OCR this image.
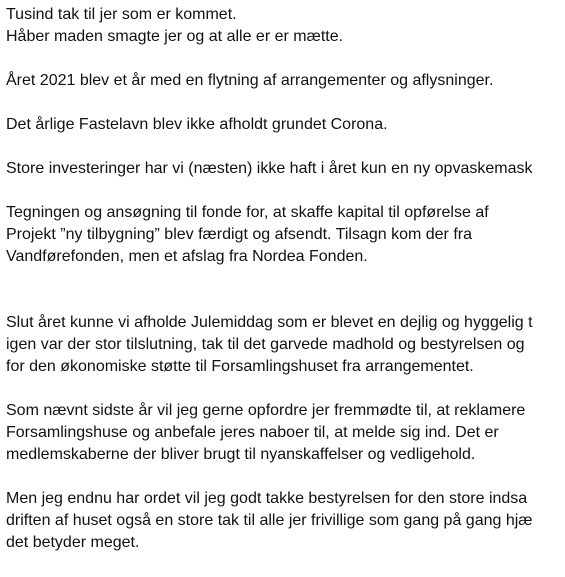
Tusind tak til jer som er kommet.
Håber maden smagte jer og at alle er er mætte.
Året 2021 blev et år med en flytning af arrangementer og aflysninger.
Det årlige Fastelavn blev ikke afholdt grundet Corona.
Store investeringer har vi (næsten) ikke haft i året kun en ny opvaskemask
Tegningen og ansøgning til fonde for, at skaffe kapital til opførelse af
Projekt ”ny tilbygning” blev færdigt og afsendt. Tilsagn kom der fra
Vandførefonden, men et afslag fra Nordea Fonden.
Slut året kunne vi afholde Julemiddag som er blevet en dejlig og hyggelig t
igen var der stor tilslutning, tak til det garvede madhold og bestyrelsen og
for den økonomiske støtte til Forsamlingshuset fra arrangementet.
Som nævnt sidste år vil jeg gerne opfordre jer fremmødte til, at reklamere
Forsamlingshuse og anbefale jeres naboer til, at melde sig ind. Det er
medlemskaberne der bliver brugt til nyanskaffelser og vedligehold.
Men jeg endnu har ordet vil jeg godt takke bestyrelsen for den store indsa
driften af huset også en store tak til alle jer frivillige som gang på gang hjæ
det betyder meget.
